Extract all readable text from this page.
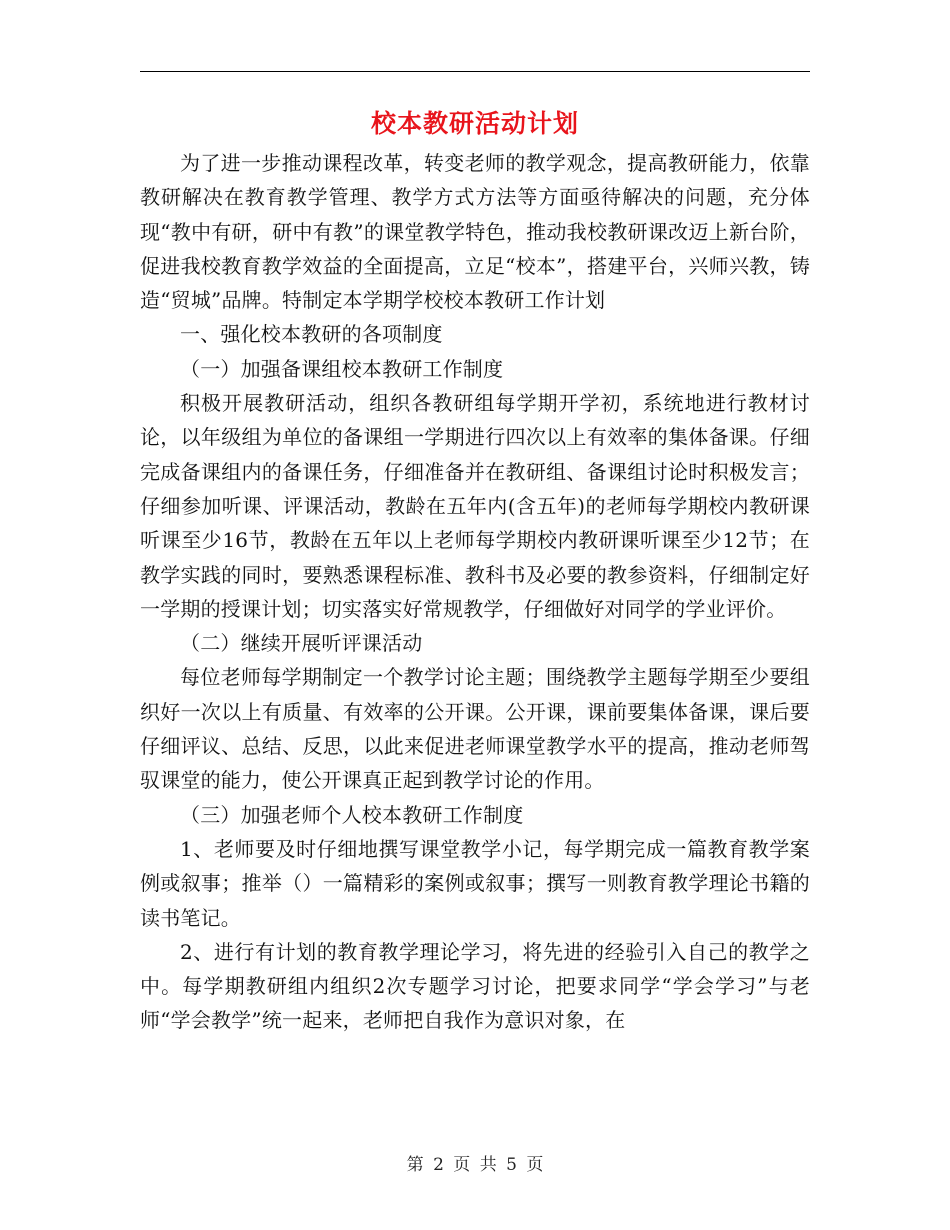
校本教研活动计划

为了进一步推动课程改革，转变老师的教学观念，提高教研能力，依靠教研解决在教育教学管理、教学方式方法等方面亟待解决的问题，充分体现“教中有研，研中有教”的课堂教学特色，推动我校教研课改迈上新台阶，促进我校教育教学效益的全面提高，立足“校本”，搭建平台，兴师兴教，铸造“贸城”品牌。特制定本学期学校校本教研工作计划

一、强化校本教研的各项制度

（一）加强备课组校本教研工作制度

积极开展教研活动，组织各教研组每学期开学初，系统地进行教材讨论，以年级组为单位的备课组一学期进行四次以上有效率的集体备课。仔细完成备课组内的备课任务，仔细准备并在教研组、备课组讨论时积极发言；仔细参加听课、评课活动，教龄在五年内(含五年)的老师每学期校内教研课听课至少16节，教龄在五年以上老师每学期校内教研课听课至少12节；在教学实践的同时，要熟悉课程标准、教科书及必要的教参资料，仔细制定好一学期的授课计划；切实落实好常规教学，仔细做好对同学的学业评价。

（二）继续开展听评课活动

每位老师每学期制定一个教学讨论主题；围绕教学主题每学期至少要组织好一次以上有质量、有效率的公开课。公开课，课前要集体备课，课后要仔细评议、总结、反思，以此来促进老师课堂教学水平的提高，推动老师驾驭课堂的能力，使公开课真正起到教学讨论的作用。

（三）加强老师个人校本教研工作制度

1、老师要及时仔细地撰写课堂教学小记，每学期完成一篇教育教学案例或叙事；推举（）一篇精彩的案例或叙事；撰写一则教育教学理论书籍的读书笔记。

2、进行有计划的教育教学理论学习，将先进的经验引入自己的教学之中。每学期教研组内组织2次专题学习讨论，把要求同学“学会学习”与老师“学会教学”统一起来，老师把自我作为意识对象，在

第 2 页 共 5 页
